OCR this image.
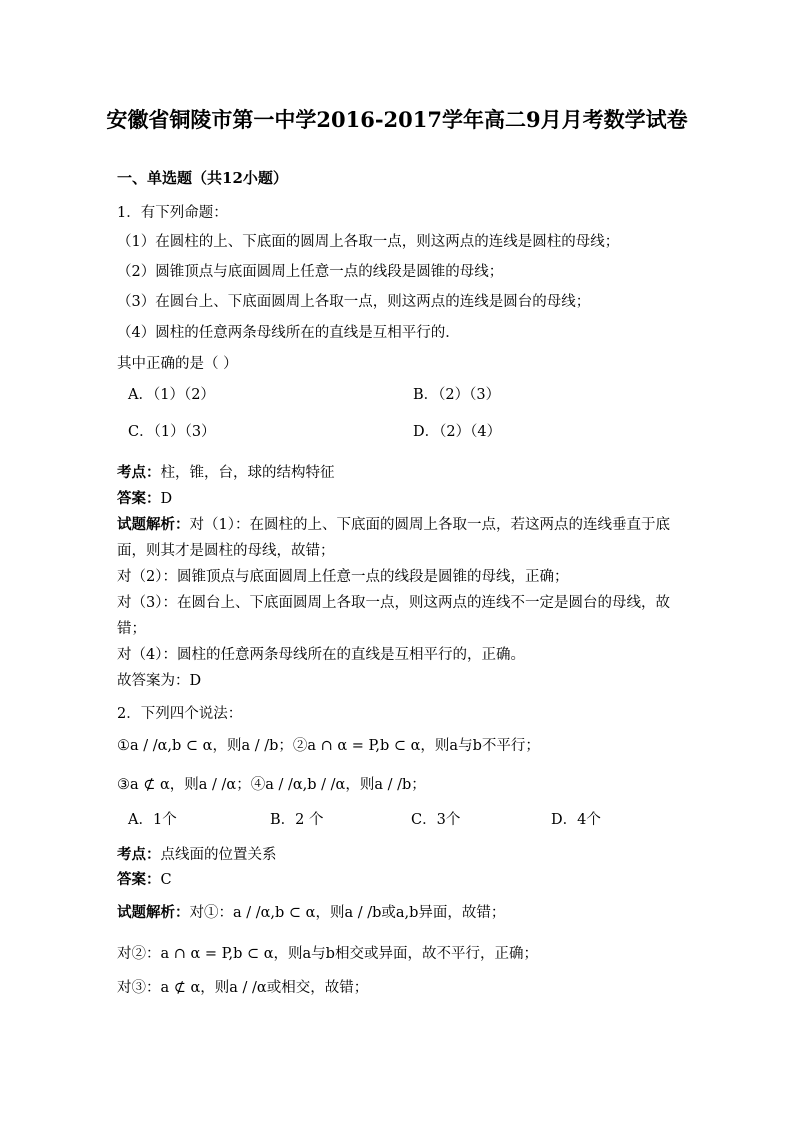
安徽省铜陵市第一中学2016-2017学年高二9月月考数学试卷
一、单选题（共12小题）
1．有下列命题：
（1）在圆柱的上、下底面的圆周上各取一点，则这两点的连线是圆柱的母线；
（2）圆锥顶点与底面圆周上任意一点的线段是圆锥的母线；
（3）在圆台上、下底面圆周上各取一点，则这两点的连线是圆台的母线；
（4）圆柱的任意两条母线所在的直线是互相平行的．
其中正确的是（ ）
A．（1）（2）	B．（2）（3）
C．（1）（3）	D．（2）（4）
考点：柱，锥，台，球的结构特征
答案：D
试题解析：对（1）：在圆柱的上、下底面的圆周上各取一点，若这两点的连线垂直于底
面，则其才是圆柱的母线，故错；
对（2）：圆锥顶点与底面圆周上任意一点的线段是圆锥的母线，正确；
对（3）：在圆台上、下底面圆周上各取一点，则这两点的连线不一定是圆台的母线，故
错；
对（4）：圆柱的任意两条母线所在的直线是互相平行的，正确。
故答案为：D
2．下列四个说法：
①a / /α,b ⊂ α，则a / /b；②a ∩ α = P,b ⊂ α，则a与b不平行；
③a ⊄ α，则a / /α；④a / /α,b / /α，则a / /b；
A．1个	B．2 个	C．3个	D．4个
考点：点线面的位置关系
答案：C
试题解析：对①：a / /α,b ⊂ α，则a / /b或a,b异面，故错；
对②：a ∩ α = P,b ⊂ α，则a与b相交或异面，故不平行，正确；
对③：a ⊄ α，则a / /α或相交，故错；
